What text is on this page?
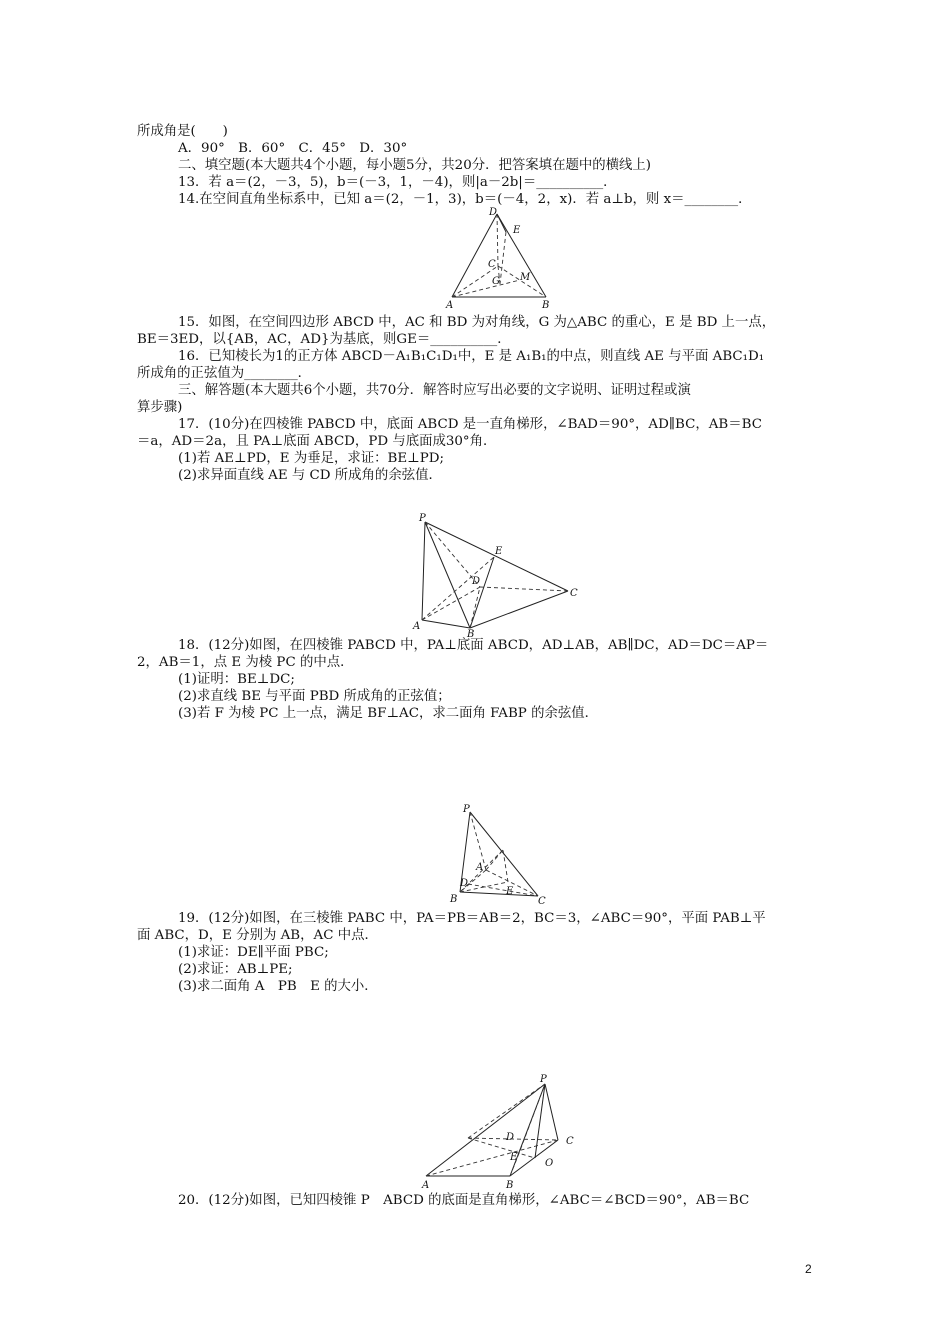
所成角是(　　)
A．90°　B．60°　C．45°　D．30°
二、填空题(本大题共4个小题，每小题5分，共20分．把答案填在题中的横线上)
13．若 a＝(2，－3，5)，b＝(－3，1，－4)，则|a－2b|＝__________．
14.在空间直角坐标系中，已知 a＝(2，－1，3)，b＝(－4，2，x)．若 a⊥b，则 x＝________．
D
E
C
M
G
A	B
15．如图，在空间四边形 ABCD 中，AC 和 BD 为对角线，G 为△ABC 的重心，E 是 BD 上一点，
BE＝3ED，以{AB，AC，AD}为基底，则GE＝__________．
16．已知棱长为1的正方体 ABCD－A₁B₁C₁D₁中，E 是 A₁B₁的中点，则直线 AE 与平面 ABC₁D₁
所成角的正弦值为________．
三、解答题(本大题共6个小题，共70分．解答时应写出必要的文字说明、证明过程或演
算步骤)
17．(10分)在四棱锥 PABCD 中，底面 ABCD 是一直角梯形，∠BAD＝90°，AD∥BC，AB＝BC
＝a，AD＝2a，且 PA⊥底面 ABCD，PD 与底面成30°角．
(1)若 AE⊥PD，E 为垂足，求证：BE⊥PD;
(2)求异面直线 AE 与 CD 所成角的余弦值．
P
E
D
C
A
B
18．(12分)如图，在四棱锥 PABCD 中，PA⊥底面 ABCD，AD⊥AB，AB∥DC，AD＝DC＝AP＝
2，AB＝1，点 E 为棱 PC 的中点．
(1)证明：BE⊥DC;
(2)求直线 BE 与平面 PBD 所成角的正弦值；
(3)若 F 为棱 PC 上一点，满足 BF⊥AC，求二面角 FABP 的余弦值．
P
A
D
E
B	C
19．(12分)如图，在三棱锥 PABC 中，PA＝PB＝AB＝2，BC＝3，∠ABC＝90°，平面 PAB⊥平
面 ABC，D，E 分别为 AB，AC 中点．
(1)求证：DE∥平面 PBC;
(2)求证：AB⊥PE;
(3)求二面角 A　PB　E 的大小．
P
D	C
E
O
A	B
20．(12分)如图，已知四棱锥 P　ABCD 的底面是直角梯形，∠ABC＝∠BCD＝90°，AB＝BC
2
